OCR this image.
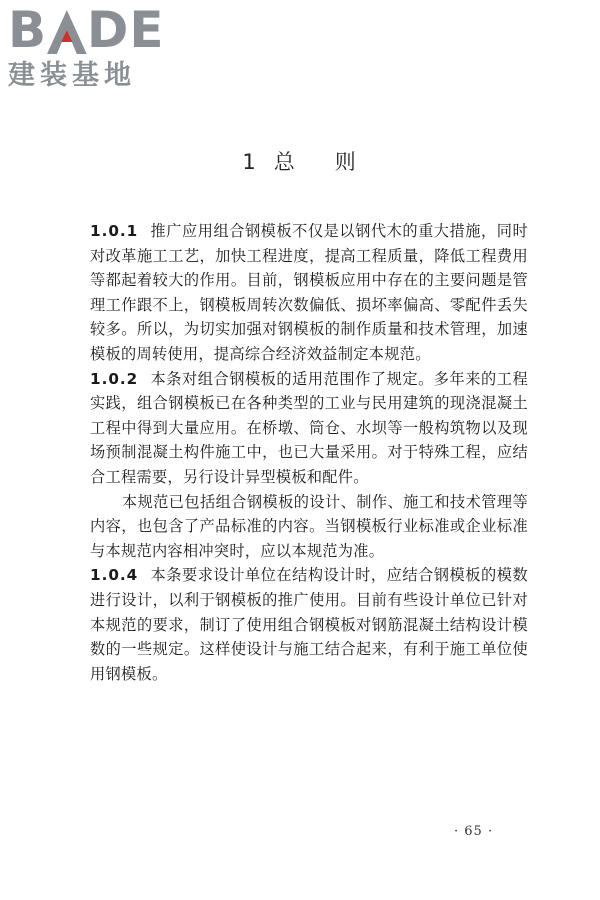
B D E
建装基地
1 总 则

1.0.1 推广应用组合钢模板不仅是以钢代木的重大措施，同时对改革施工工艺，加快工程进度，提高工程质量，降低工程费用等都起着较大的作用。目前，钢模板应用中存在的主要问题是管理工作跟不上，钢模板周转次数偏低、损坏率偏高、零配件丢失较多。所以，为切实加强对钢模板的制作质量和技术管理，加速模板的周转使用，提高综合经济效益制定本规范。

1.0.2 本条对组合钢模板的适用范围作了规定。多年来的工程实践，组合钢模板已在各种类型的工业与民用建筑的现浇混凝土工程中得到大量应用。在桥墩、筒仓、水坝等一般构筑物以及现场预制混凝土构件施工中，也已大量采用。对于特殊工程，应结合工程需要，另行设计异型模板和配件。

本规范已包括组合钢模板的设计、制作、施工和技术管理等内容，也包含了产品标准的内容。当钢模板行业标准或企业标准与本规范内容相冲突时，应以本规范为准。

1.0.4 本条要求设计单位在结构设计时，应结合钢模板的模数进行设计，以利于钢模板的推广使用。目前有些设计单位已针对本规范的要求，制订了使用组合钢模板对钢筋混凝土结构设计模数的一些规定。这样使设计与施工结合起来，有利于施工单位使用钢模板。

· 65 ·
